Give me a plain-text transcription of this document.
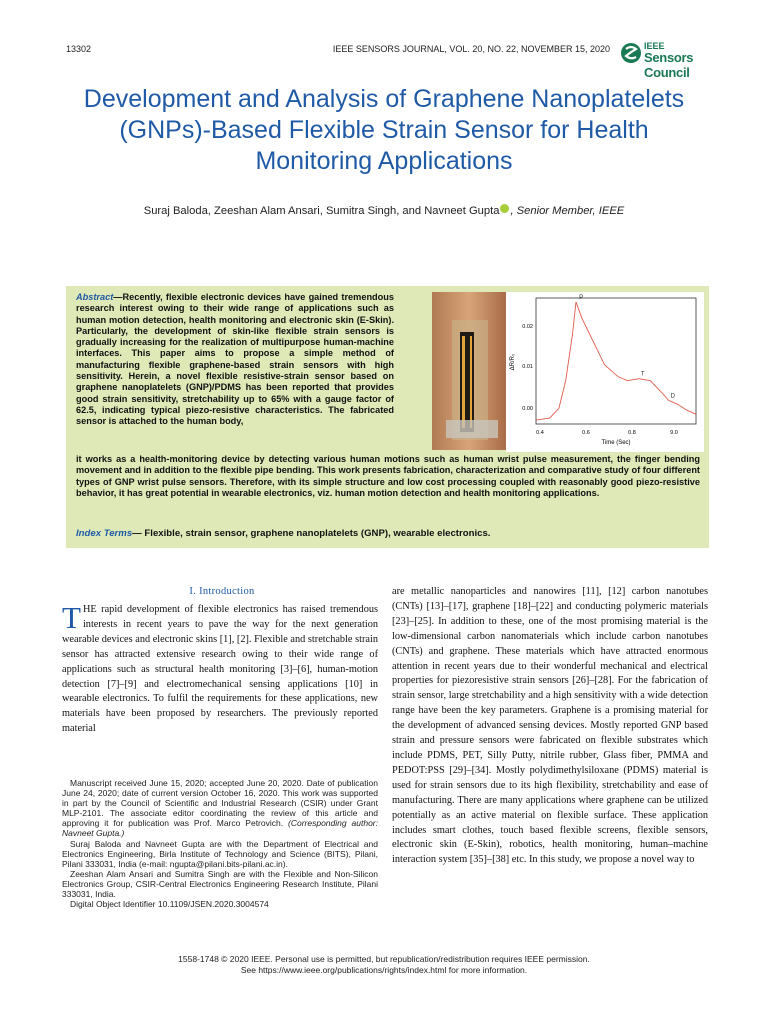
13302	IEEE SENSORS JOURNAL, VOL. 20, NO. 22, NOVEMBER 15, 2020	IEEE
Sensors Council
Development and Analysis of Graphene Nanoplatelets (GNPs)-Based Flexible Strain Sensor for Health Monitoring Applications
Suraj Baloda, Zeeshan Alam Ansari, Sumitra Singh, and Navneet Gupta , Senior Member, IEEE
Abstract—Recently, flexible electronic devices have gained tremendous research interest owing to their wide range of applications such as human motion detection, health monitoring and electronic skin (E-Skin). Particularly, the development of skin-like flexible strain sensors is gradually increasing for the realization of multipurpose human-machine interfaces. This paper aims to propose a simple method of manufacturing flexible graphene-based strain sensors with high sensitivity. Herein, a novel flexible resistive-strain sensor based on graphene nanoplatelets (GNP)/PDMS has been reported that provides good strain sensitivity, stretchability up to 65% with a gauge factor of 62.5, indicating typical piezo-resistive characteristics. The fabricated sensor is attached to the human body,
it works as a health-monitoring device by detecting various human motions such as human wrist pulse measurement, the finger bending movement and in addition to the flexible pipe bending. This work presents fabrication, characterization and comparative study of four different types of GNP wrist pulse sensors. Therefore, with its simple structure and low cost processing coupled with reasonably good piezo-resistive behavior, it has great potential in wearable electronics, viz. human motion detection and health monitoring applications.
ΔR/R₀
Time (Sec)
0.02
0.01
0.00
0.4	0.6	0.8	9.0
P
T
D
Index Terms— Flexible, strain sensor, graphene nanoplatelets (GNP), wearable electronics.
I. Introduction
THE rapid development of flexible electronics has raised tremendous interests in recent years to pave the way for the next generation wearable devices and electronic skins [1], [2]. Flexible and stretchable strain sensor has attracted extensive research owing to their wide range of applications such as structural health monitoring [3]–[6], human-motion detection [7]–[9] and electromechanical sensing applications [10] in wearable electronics. To fulfil the requirements for these applications, new materials have been proposed by researchers. The previously reported material
are metallic nanoparticles and nanowires [11], [12] carbon nanotubes (CNTs) [13]–[17], graphene [18]–[22] and conducting polymeric materials [23]–[25]. In addition to these, one of the most promising material is the low-dimensional carbon nanomaterials which include carbon nanotubes (CNTs) and graphene. These materials which have attracted enormous attention in recent years due to their wonderful mechanical and electrical properties for piezoresistive strain sensors [26]–[28]. For the fabrication of strain sensor, large stretchability and a high sensitivity with a wide detection range have been the key parameters. Graphene is a promising material for the development of advanced sensing devices. Mostly reported GNP based strain and pressure sensors were fabricated on flexible substrates which include PDMS, PET, Silly Putty, nitrile rubber, Glass fiber, PMMA and PEDOT:PSS [29]–[34]. Mostly polydimethylsiloxane (PDMS) material is used for strain sensors due to its high flexibility, stretchability and ease of manufacturing. There are many applications where graphene can be utilized potentially as an active material on flexible surface. These application includes smart clothes, touch based flexible screens, flexible sensors, electronic skin (E-Skin), robotics, health monitoring, human–machine interaction system [35]–[38] etc. In this study, we propose a novel way to

Manuscript received June 15, 2020; accepted June 20, 2020. Date of publication June 24, 2020; date of current version October 16, 2020. This work was supported in part by the Council of Scientific and Industrial Research (CSIR) under Grant MLP-2101. The associate editor coordinating the review of this article and approving it for publication was Prof. Marco Petrovich. (Corresponding author: Navneet Gupta.)

Suraj Baloda and Navneet Gupta are with the Department of Electrical and Electronics Engineering, Birla Institute of Technology and Science (BITS), Pilani, Pilani 333031, India (e-mail: ngupta@pilani.bits-pilani.ac.in).

Zeeshan Alam Ansari and Sumitra Singh are with the Flexible and Non-Silicon Electronics Group, CSIR-Central Electronics Engineering Research Institute, Pilani 333031, India.

Digital Object Identifier 10.1109/JSEN.2020.3004574

1558-1748 © 2020 IEEE. Personal use is permitted, but republication/redistribution requires IEEE permission.
See https://www.ieee.org/publications/rights/index.html for more information.
